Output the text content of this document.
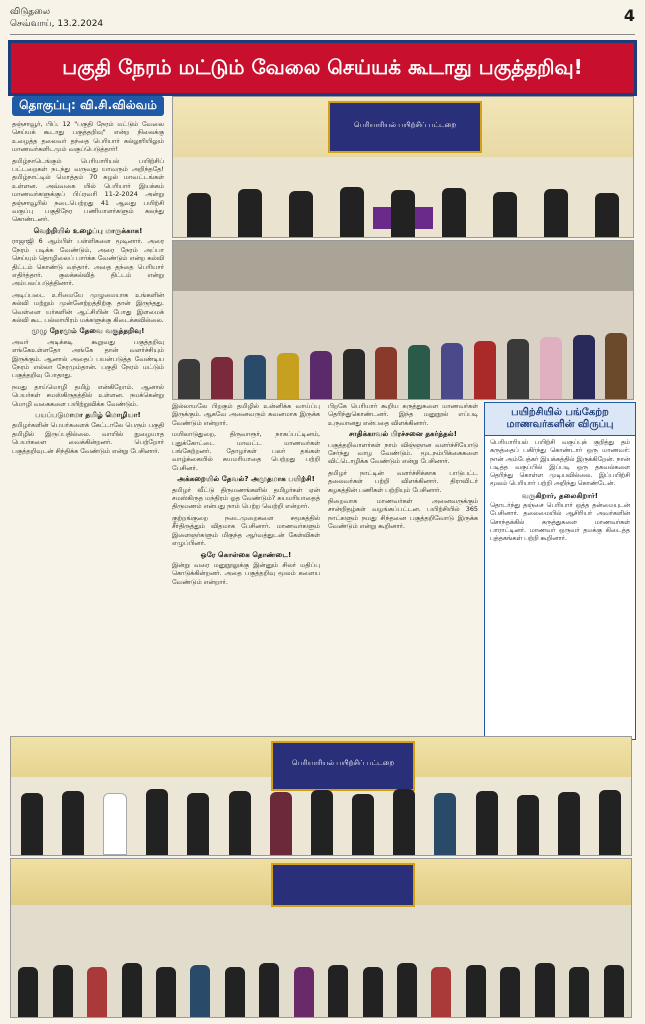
விடுதலை
செவ்வாய், 13.2.2024	4
பகுதி நேரம் மட்டும் வேலை செய்யக் கூடாது பகுத்தறிவு!
தொகுப்பு: வி.சி.வில்வம்

தஞ்சாவூர், பிப். 12 "பகுதி நேரம் மட்டும் வேலை செய்யக் கூடாது பகுத்தறிவு" என்ற நிலைக்கு உழைத்த தலைவர் தந்தை பெரியார் கல்லூரியிலும் மாணவர்களிடமும் வகுப்பெடுத்தார்!

தமிழ்நாடெங்கும் பெரியாரியல் பயிற்சிப் பட்டறைகள் நடந்து வருவது யாவரும் அறிந்ததே! தமிழ்நாட்டில் மொத்தம் 70 சுழல் மாவட்டங்கள் உள்ளன. அவ்வகை யில் பெரியார் இயக்கம் மாணவர்களுக்குப் பிப்ரவரி 11-2-2024 அன்று தஞ்சாவூரில் நடைபெற்றது 41 ஆவது பயிற்சி வகுப்பு பகுதிநேர பணியாளர்களும் கலந்து கொண்டனர்.

வெற்றியில் உழைப்பு மாருக்காக!

ராஜாஜி 6 ஆம்பிள் பள்ளிகளை மூடினார். அரை நேரம் படிக்க வேண்டும், அரை நேரம் அப்பா செய்யும் தொழிலைப் பார்க்க வேண்டும் என்ற கல்வி திட்டம் கொண்டு வந்தார். அதை தந்தை பெரியார் எதிர்த்தார். குலக்கல்வித் திட்டம் என்று அம்பலப்படுத்தினார்.

அடிப்படை உரிமையே முழுமையாக உங்களின் கல்வி மற்றும் முன்னேற்றத்திற்கு தான் இருந்தது. வெள்ளை யர்களின் ஆட்சியின் போது இளமைக் கல்வி கூட பல்லாயிரம் மக்களுக்கு கிடைக்கவில்லை.

முழு நேரமும் தேவை வகுத்தறிவு!

அவர் அடிக்கடி கூறுவது பகுத்தறிவு எங்கேஉள்ளதோ அங்கே தான் வளர்ச்சியும் இருக்கும். ஆனால் அதைப் பயன்படுத்த வேண்டிய நேரம் எல்லா நேரமும்தான். பகுதி நேரம் மட்டும் பகுத்தறிவு போதாது.

நமது தாய்மொழி தமிழ் என்கிறோம். ஆனால் பெயர்கள் சமஸ்கிருதத்தில் உள்ளன. நமக்கென்று மொழி வகைகளை பயிற்றுவிக்க வேண்டும்.

பயப்படுமாமா தமிழ் மொழியா!

தமிழர்களின் பெயர்களைக் கேட்டாலே பெரும் பகுதி தமிழில் இருப்பதில்லை. வாயில் நுழையாத பெயர்களை வைக்கின்றனர். பெற்றோர் பகுத்தறிவுடன் சிந்திக்க வேண்டும் என்று பேசினார்.

பெரியாரியல் பயிற்சிப் பட்டறை

இல்லாமலே பிறகும் தமிழில் உன்னிக்க வாய்ப்பு இருக்கும். ஆகவே அனைவரும் கவனமாக இருக்க வேண்டும் என்றார்.

மயிலாடுதுறை, திருவாரூர், நாகப்பட்டினம், புதுக்கோட்டை மாவட்ட மாணவர்கள் பங்கேற்றனர். தோழர்கள் பலர் தங்கள் வாழ்க்கையில் சுயமரியாதை பெற்றது பற்றி பேசினர்.

அக்கறையில் தேவல்? அமுதமாக பயிற்சி!

தமிழர் வீட்டு திருமணங்களில் தமிழர்கள் ஏன் சமஸ்கிருத மந்திரம் ஓத வேண்டும்? சுயமரியாதைத் திருமணம் என்பது நாம் பெற்ற வெற்றி என்றார்.

குற்றங்குறை நடைமுறைகளை சமூகத்தில் சீர்திருத்தும் விதமாக பேசினார். மாணவர்களும் இளைஞர்களும் மிகுந்த ஆர்வத்துடன் கேள்விகள் எழுப்பினர்.

ஒரே கொள்கை தொண்டை!

இன்று வரை மனுநூலுக்கு இன்னும் சிலர் மதிப்பு கொடுக்கின்றனர். அதை பகுத்தறிவு மூலம் களைய வேண்டும் என்றார்.

பிறகே பெரியார் கூறிய கருத்துகளை மாணவர்கள் தெரிந்துகொண்டனர். இந்த மனுநூல் எப்படி உருவானது என்பதை விளக்கினார்.

சாதிக்காவல் பிரச்சனை தகர்த்தல்!

பகுத்தறிவாளர்கள் நாம் விஞ்ஞான வளர்ச்சியோடு சேர்ந்து வாழ வேண்டும். மூடநம்பிக்கைகளை விட்டொழிக்க வேண்டும் என்று பேசினார்.

தமிழர் நாட்டின் வளர்ச்சிக்காக பாடுபட்ட தலைவர்கள் பற்றி விளக்கினார். திராவிடர் கழகத்தின் பணிகள் பற்றியும் பேசினார்.

நிறைவாக மாணவர்கள் அனைவருக்கும் சான்றிதழ்கள் வழங்கப்பட்டன. பயிற்சியில் 365 நாட்களும் நமது சிந்தனை பகுத்தறிவோடு இருக்க வேண்டும் என்று கூறினார்.

பயிற்சியில் பங்கேற்ற மாணவர்களின் விருப்பு

பெரியாரியல் பயிற்சி வகுப்புக் குறித்து தம் கருத்தைப் பகிர்ந்து கொண்டார் ஒரு மாணவர்: நான் அம்பேத்கர் இயக்கத்தில் இருக்கிறேன். நான் படித்த வகுப்பில் இப்படி ஒரு தகவல்களை தெரிந்து கொள்ள முடியவில்லை. இப்பயிற்சி மூலம் பெரியார் பற்றி அறிந்து கொண்டேன்.

வருகிறார், தலைகிறார்!

தொடர்ந்து தஞ்சை பெரியார் ஒத்த தன்மையுடன் பேசினார். தலைமையில் ஆசிரியர் அவர்களின் சொந்தக்கில் கருத்துகளை மாணவர்கள் பாராட்டினர். மாணவர் ஒருவர் தமக்கு கிடைத்த புத்தகங்கள் பற்றி கூறினார்.

பெரியாரியல் பயிற்சிப் பட்டறை
